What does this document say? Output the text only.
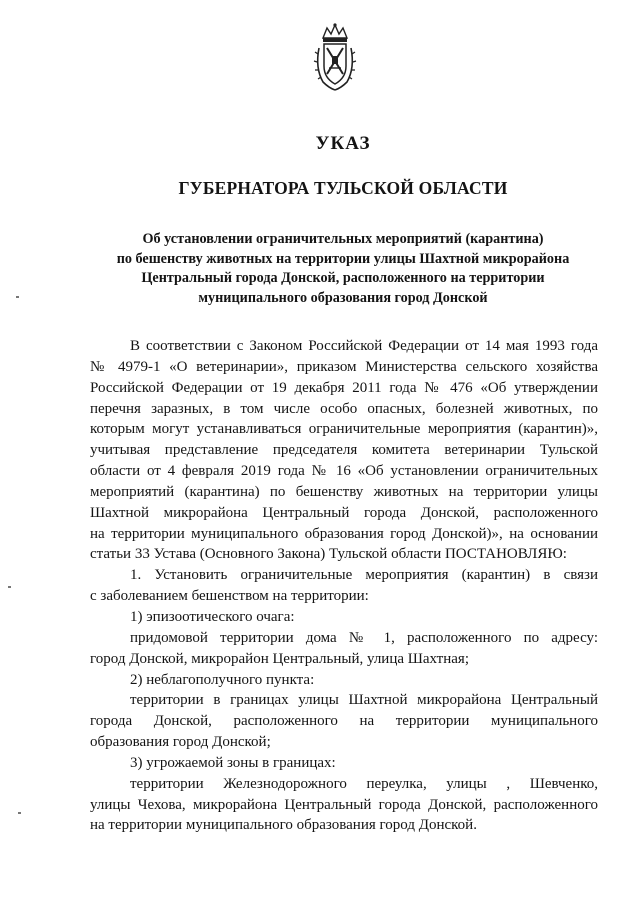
УКАЗ
ГУБЕРНАТОРА ТУЛЬСКОЙ ОБЛАСТИ
Об установлении ограничительных мероприятий (карантина)
по бешенству животных на территории улицы Шахтной микрорайона
Центральный города Донской, расположенного на территории
муниципального образования город Донской
В соответствии с Законом Российской Федерации от 14 мая 1993 года
№ 4979-1 «О ветеринарии», приказом Министерства сельского хозяйства
Российской Федерации от 19 декабря 2011 года № 476 «Об утверждении
перечня заразных, в том числе особо опасных, болезней животных, по
которым могут устанавливаться ограничительные мероприятия (карантин)»,
учитывая представление председателя комитета ветеринарии Тульской
области от 4 февраля 2019 года № 16 «Об установлении ограничительных
мероприятий (карантина) по бешенству животных на территории улицы
Шахтной микрорайона Центральный города Донской, расположенного
на территории муниципального образования город Донской)», на основании
статьи 33 Устава (Основного Закона) Тульской области ПОСТАНОВЛЯЮ:
1. Установить ограничительные мероприятия (карантин) в связи
с заболеванием бешенством на территории:
1) эпизоотического очага:
придомовой территории дома № 1, расположенного по адресу:
город Донской, микрорайон Центральный, улица Шахтная;
2) неблагополучного пункта:
территории в границах улицы Шахтной микрорайона Центральный
города Донской, расположенного на территории муниципального
образования город Донской;
3) угрожаемой зоны в границах:
территории Железнодорожного переулка, улицы , Шевченко,
улицы Чехова, микрорайона Центральный города Донской, расположенного
на территории муниципального образования город Донской.
